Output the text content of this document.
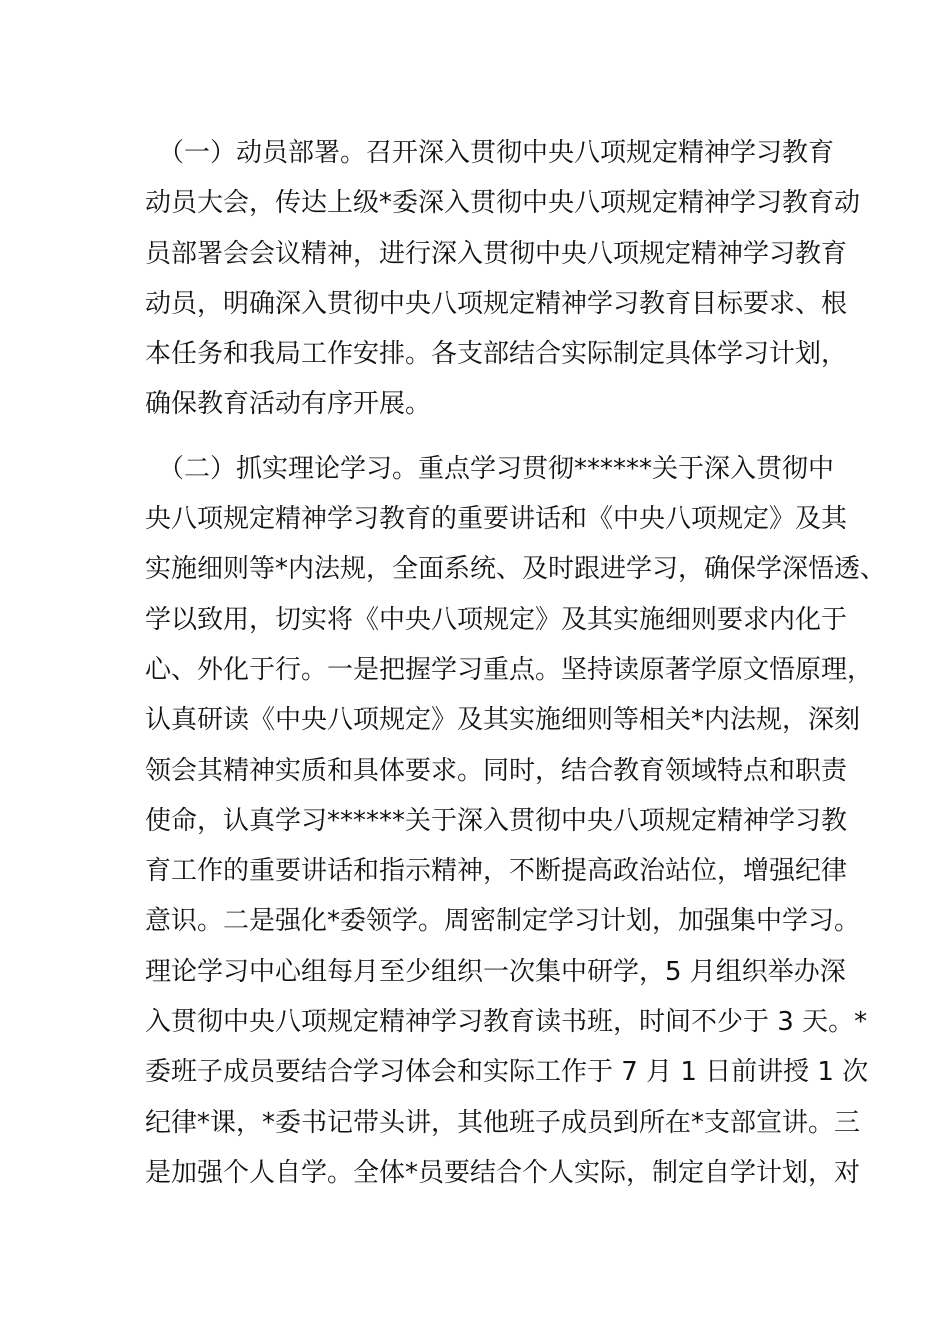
　（一）动员部署。召开深入贯彻中央八项规定精神学习教育
动员大会，传达上级*委深入贯彻中央八项规定精神学习教育动
员部署会会议精神，进行深入贯彻中央八项规定精神学习教育
动员，明确深入贯彻中央八项规定精神学习教育目标要求、根
本任务和我局工作安排。各支部结合实际制定具体学习计划，
确保教育活动有序开展。

　（二）抓实理论学习。重点学习贯彻******关于深入贯彻中
央八项规定精神学习教育的重要讲话和《中央八项规定》及其
实施细则等*内法规，全面系统、及时跟进学习，确保学深悟透、
学以致用，切实将《中央八项规定》及其实施细则要求内化于
心、外化于行。一是把握学习重点。坚持读原著学原文悟原理，
认真研读《中央八项规定》及其实施细则等相关*内法规，深刻
领会其精神实质和具体要求。同时，结合教育领域特点和职责
使命，认真学习******关于深入贯彻中央八项规定精神学习教
育工作的重要讲话和指示精神，不断提高政治站位，增强纪律
意识。二是强化*委领学。周密制定学习计划，加强集中学习。
理论学习中心组每月至少组织一次集中研学，5 月组织举办深
入贯彻中央八项规定精神学习教育读书班，时间不少于 3 天。*
委班子成员要结合学习体会和实际工作于 7 月 1 日前讲授 1 次
纪律*课，*委书记带头讲，其他班子成员到所在*支部宣讲。三
是加强个人自学。全体*员要结合个人实际，制定自学计划，对
